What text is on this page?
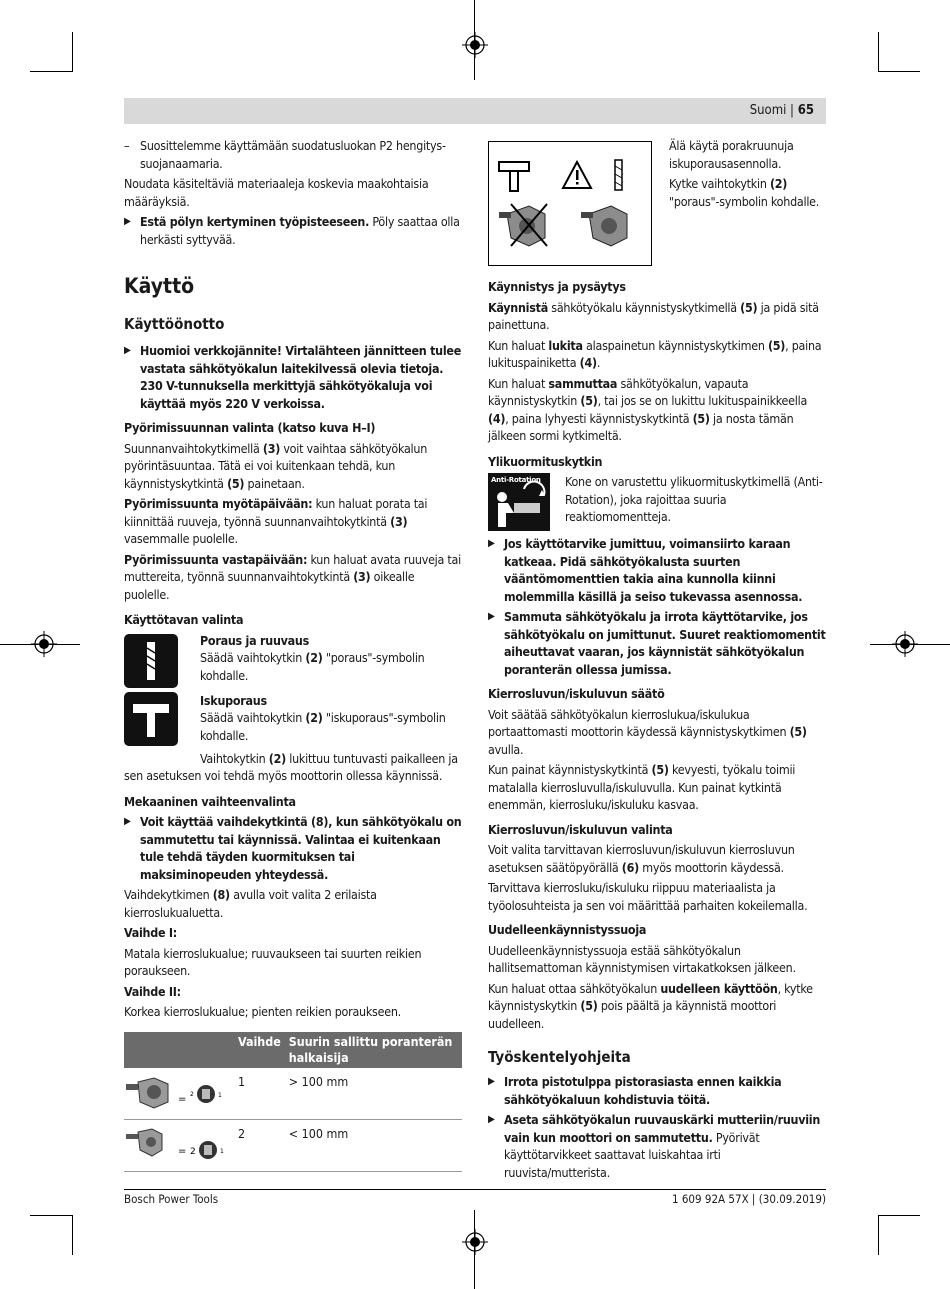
Suomi | 65

– Suosittelemme käyttämään suodatusluokan P2 hengitys-suojanaamaria.

Noudata käsiteltäviä materiaaleja koskevia maakohtaisia määräyksiä.

▶ Estä pölyn kertyminen työpisteeseen. Pöly saattaa olla herkästi syttyvää.

Käyttö

Käyttöönotto

▶ Huomioi verkkojännite! Virtalähteen jännitteen tulee vastata sähkötyökalun laitekilvessä olevia tietoja. 230 V-tunnuksella merkittyjä sähkötyökaluja voi käyttää myös 220 V verkoissa.

Pyörimissuunnan valinta (katso kuva H–I)

Suunnanvaihtokytkimellä (3) voit vaihtaa sähkötyökalun pyörintäsuuntaa. Tätä ei voi kuitenkaan tehdä, kun käynnistyskytkintä (5) painetaan.

Pyörimissuunta myötäpäivään: kun haluat porata tai kiinnittää ruuveja, työnnä suunnanvaihtokytkintä (3) vasemmalle puolelle.

Pyörimissuunta vastapäivään: kun haluat avata ruuveja tai muttereita, työnnä suunnanvaihtokytkintä (3) oikealle puolelle.

Käyttötavan valinta

Poraus ja ruuvaus

Säädä vaihtokytkin (2) "poraus"-symbolin kohdalle.

Iskuporaus

Säädä vaihtokytkin (2) "iskuporaus"-symbolin kohdalle.

Vaihtokytkin (2) lukittuu tuntuvasti paikalleen ja sen asetuksen voi tehdä myös moottorin ollessa käynnissä.

Mekaaninen vaihteenvalinta

▶ Voit käyttää vaihdekytkintä (8), kun sähkötyökalu on sammutettu tai käynnissä. Valintaa ei kuitenkaan tule tehdä täyden kuormituksen tai maksiminopeuden yhteydessä.

Vaihdekytkimen (8) avulla voit valita 2 erilaista kierroslukualuetta.

Vaihde I:

Matala kierroslukualue; ruuvaukseen tai suurten reikien poraukseen.

Vaihde II:

Korkea kierroslukualue; pienten reikien poraukseen.

	Vaihde	Suurin sallittu poranterän halkaisija

= 2 1	1	> 100 mm

= 2 1	2	< 100 mm

Älä käytä porakruunuja iskuporausasennolla.

Kytke vaihtokytkin (2) "poraus"-symbolin kohdalle.

Käynnistys ja pysäytys

Käynnistä sähkötyökalu käynnistyskytkimellä (5) ja pidä sitä painettuna.

Kun haluat lukita alaspainetun käynnistyskytkimen (5), paina lukituspainiketta (4).

Kun haluat sammuttaa sähkötyökalun, vapauta käynnistyskytkin (5), tai jos se on lukittu lukituspainikkeella (4), paina lyhyesti käynnistyskytkintä (5) ja nosta tämän jälkeen sormi kytkimeltä.

Ylikuormituskytkin

Anti-Rotation Kone on varustettu ylikuormituskytkimellä (Anti-Rotation), joka rajoittaa suuria reaktiomomentteja.

▶ Jos käyttötarvike jumittuu, voimansiirto karaan katkeaa. Pidä sähkötyökalusta suurten vääntömomenttien takia aina kunnolla kiinni molemmilla käsillä ja seiso tukevassa asennossa.

▶ Sammuta sähkötyökalu ja irrota käyttötarvike, jos sähkötyökalu on jumittunut. Suuret reaktiomomentit aiheuttavat vaaran, jos käynnistät sähkötyökalun poranterän ollessa jumissa.

Kierrosluvun/iskuluvun säätö

Voit säätää sähkötyökalun kierroslukua/iskulukua portaattomasti moottorin käydessä käynnistyskytkimen (5) avulla.

Kun painat käynnistyskytkintä (5) kevyesti, työkalu toimii matalalla kierrosluvulla/iskuluvulla. Kun painat kytkintä enemmän, kierrosluku/iskuluku kasvaa.

Kierrosluvun/iskuluvun valinta

Voit valita tarvittavan kierrosluvun/iskuluvun kierrosluvun asetuksen säätöpyörällä (6) myös moottorin käydessä.

Tarvittava kierrosluku/iskuluku riippuu materiaalista ja työolosuhteista ja sen voi määrittää parhaiten kokeilemalla.

Uudelleenkäynnistyssuoja

Uudelleenkäynnistyssuoja estää sähkötyökalun hallitsemattoman käynnistymisen virtakatkoksen jälkeen.

Kun haluat ottaa sähkötyökalun uudelleen käyttöön, kytke käynnistyskytkin (5) pois päältä ja käynnistä moottori uudelleen.

Työskentelyohjeita

▶ Irrota pistotulppa pistorasiasta ennen kaikkia sähkötyökaluun kohdistuvia töitä.

▶ Aseta sähkötyökalun ruuvauskärki mutteriin/ruuviin vain kun moottori on sammutettu. Pyörivät käyttötarvikkeet saattavat luiskahtaa irti ruuvista/mutterista.

Bosch Power Tools	1 609 92A 57X | (30.09.2019)
